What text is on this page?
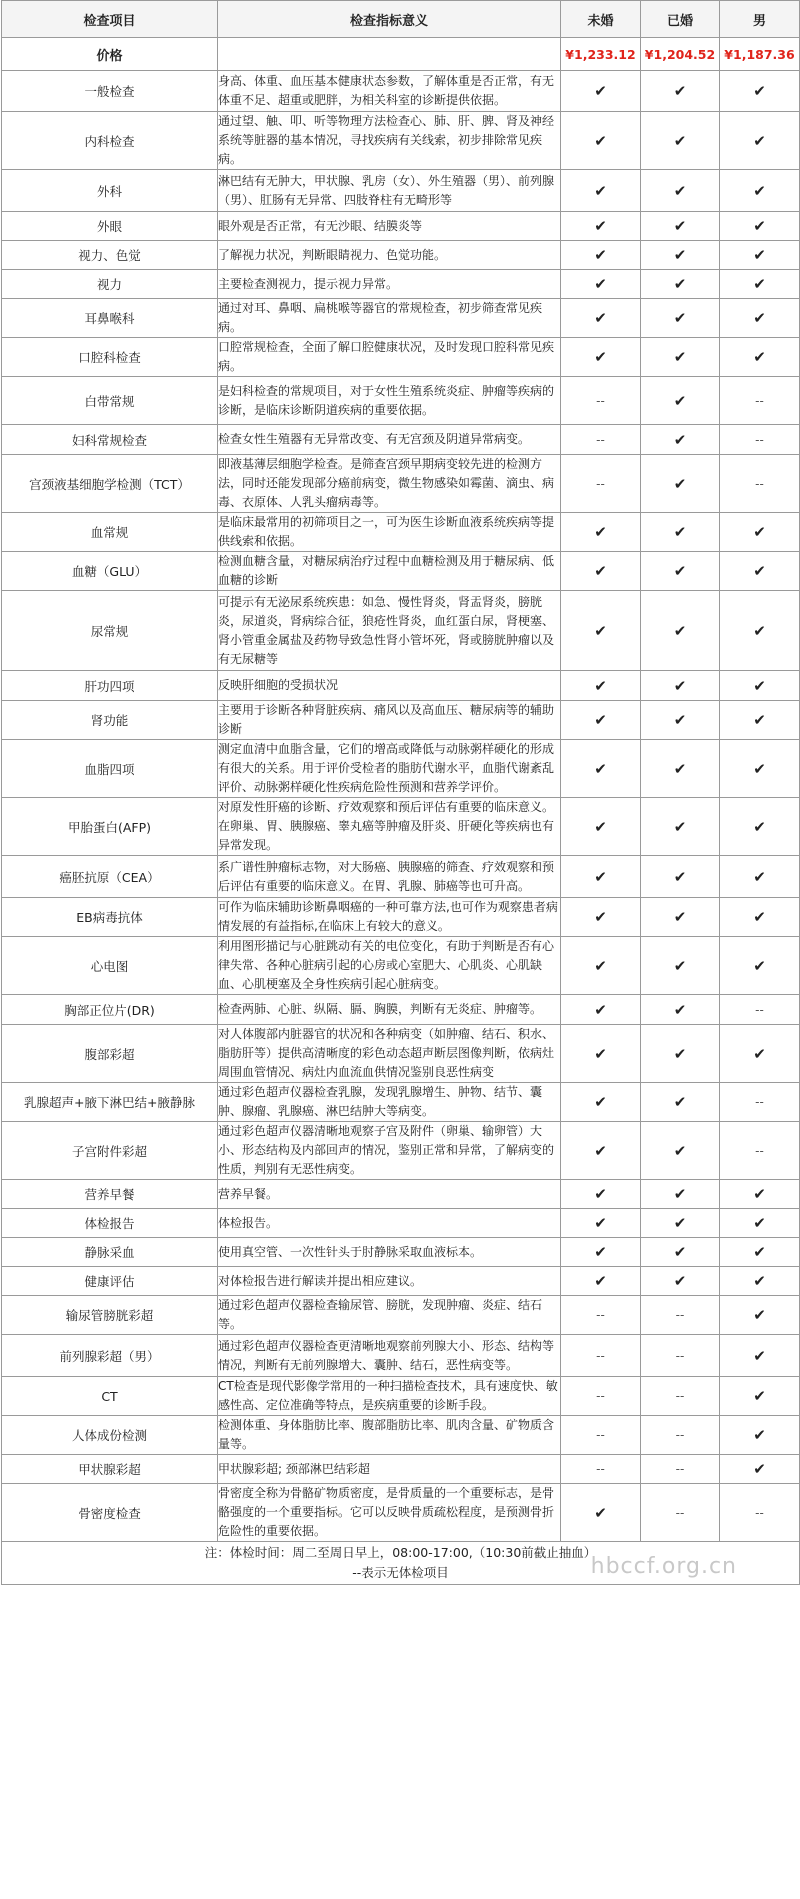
检查项目	检查指标意义	未婚	已婚	男
价格		¥1,233.12	¥1,204.52	¥1,187.36
一般检查	身高、体重、血压基本健康状态参数，了解体重是否正常，有无体重不足、超重或肥胖，为相关科室的诊断提供依据。	✔	✔	✔
内科检查	通过望、触、叩、听等物理方法检查心、肺、肝、脾、肾及神经系统等脏器的基本情况，寻找疾病有关线索，初步排除常见疾病。	✔	✔	✔
外科	淋巴结有无肿大，甲状腺、乳房（女）、外生殖器（男）、前列腺（男）、肛肠有无异常、四肢脊柱有无畸形等	✔	✔	✔
外眼	眼外观是否正常，有无沙眼、结膜炎等	✔	✔	✔
视力、色觉	了解视力状况，判断眼睛视力、色觉功能。	✔	✔	✔
视力	主要检查测视力，提示视力异常。	✔	✔	✔
耳鼻喉科	通过对耳、鼻咽、扁桃喉等器官的常规检查，初步筛查常见疾病。	✔	✔	✔
口腔科检查	口腔常规检查，全面了解口腔健康状况，及时发现口腔科常见疾病。	✔	✔	✔
白带常规	是妇科检查的常规项目，对于女性生殖系统炎症、肿瘤等疾病的诊断，是临床诊断阴道疾病的重要依据。	--	✔	--
妇科常规检查	检查女性生殖器有无异常改变、有无宫颈及阴道异常病变。	--	✔	--
宫颈液基细胞学检测（TCT）	即液基薄层细胞学检查。是筛查宫颈早期病变较先进的检测方法，同时还能发现部分癌前病变，微生物感染如霉菌、滴虫、病毒、衣原体、人乳头瘤病毒等。	--	✔	--
血常规	是临床最常用的初筛项目之一，可为医生诊断血液系统疾病等提供线索和依据。	✔	✔	✔
血糖（GLU）	检测血糖含量，对糖尿病治疗过程中血糖检测及用于糖尿病、低血糖的诊断	✔	✔	✔
尿常规	可提示有无泌尿系统疾患：如急、慢性肾炎，肾盂肾炎，膀胱炎，尿道炎，肾病综合征，狼疮性肾炎，血红蛋白尿，肾梗塞、肾小管重金属盐及药物导致急性肾小管坏死，肾或膀胱肿瘤以及有无尿糖等	✔	✔	✔
肝功四项	反映肝细胞的受损状况	✔	✔	✔
肾功能	主要用于诊断各种肾脏疾病、痛风以及高血压、糖尿病等的辅助诊断	✔	✔	✔
血脂四项	测定血清中血脂含量，它们的增高或降低与动脉粥样硬化的形成有很大的关系。用于评价受检者的脂肪代谢水平，血脂代谢紊乱评价、动脉粥样硬化性疾病危险性预测和营养学评价。	✔	✔	✔
甲胎蛋白(AFP)	对原发性肝癌的诊断、疗效观察和预后评估有重要的临床意义。在卵巢、胃、胰腺癌、睾丸癌等肿瘤及肝炎、肝硬化等疾病也有异常发现。	✔	✔	✔
癌胚抗原（CEA）	系广谱性肿瘤标志物，对大肠癌、胰腺癌的筛查、疗效观察和预后评估有重要的临床意义。在胃、乳腺、肺癌等也可升高。	✔	✔	✔
EB病毒抗体	可作为临床辅助诊断鼻咽癌的一种可靠方法,也可作为观察患者病情发展的有益指标,在临床上有较大的意义。	✔	✔	✔
心电图	利用图形描记与心脏跳动有关的电位变化，有助于判断是否有心律失常、各种心脏病引起的心房或心室肥大、心肌炎、心肌缺血、心肌梗塞及全身性疾病引起心脏病变。	✔	✔	✔
胸部正位片(DR)	检查两肺、心脏、纵隔、膈、胸膜，判断有无炎症、肿瘤等。	✔	✔	--
腹部彩超	对人体腹部内脏器官的状况和各种病变（如肿瘤、结石、积水、脂肪肝等）提供高清晰度的彩色动态超声断层图像判断，依病灶周围血管情况、病灶内血流血供情况鉴别良恶性病变	✔	✔	✔
乳腺超声+腋下淋巴结+腋静脉	通过彩色超声仪器检查乳腺，发现乳腺增生、肿物、结节、囊肿、腺瘤、乳腺癌、淋巴结肿大等病变。	✔	✔	--
子宫附件彩超	通过彩色超声仪器清晰地观察子宫及附件（卵巢、输卵管）大小、形态结构及内部回声的情况，鉴别正常和异常，了解病变的性质，判别有无恶性病变。	✔	✔	--
营养早餐	营养早餐。	✔	✔	✔
体检报告	体检报告。	✔	✔	✔
静脉采血	使用真空管、一次性针头于肘静脉采取血液标本。	✔	✔	✔
健康评估	对体检报告进行解读并提出相应建议。	✔	✔	✔
输尿管膀胱彩超	通过彩色超声仪器检查输尿管、膀胱，发现肿瘤、炎症、结石等。	--	--	✔
前列腺彩超（男）	通过彩色超声仪器检查更清晰地观察前列腺大小、形态、结构等情况，判断有无前列腺增大、囊肿、结石，恶性病变等。	--	--	✔
CT	CT检查是现代影像学常用的一种扫描检查技术，具有速度快、敏感性高、定位准确等特点，是疾病重要的诊断手段。	--	--	✔
人体成份检测	检测体重、身体脂肪比率、腹部脂肪比率、肌肉含量、矿物质含量等。	--	--	✔
甲状腺彩超	甲状腺彩超; 颈部淋巴结彩超	--	--	✔
骨密度检查	骨密度全称为骨骼矿物质密度，是骨质量的一个重要标志，是骨骼强度的一个重要指标。它可以反映骨质疏松程度，是预测骨折危险性的重要依据。	✔	--	--

注：体检时间：周二至周日早上，08:00-17:00,（10:30前截止抽血）
--表示无体检项目					hbccf.org.cn
